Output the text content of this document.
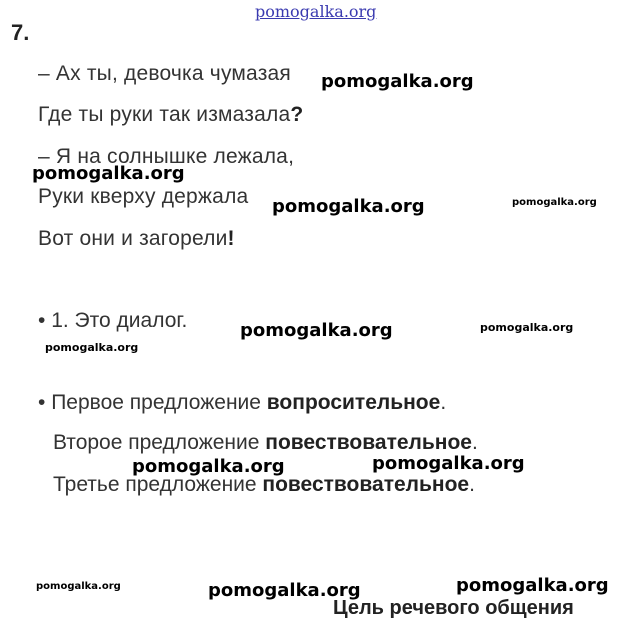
pomogalka.org
7.
– Ах ты, девочка чумазая
Где ты руки так измазала?
– Я на солнышке лежала,
Руки кверху держала
Вот они и загорели!
• 1. Это диалог.
• Первое предложение вопросительное.
Второе предложение повествовательное.
Третье предложение повествовательное.
pomogalka.org
pomogalka.org
pomogalka.org	pomogalka.org
pomogalka.org	pomogalka.org
pomogalka.org
pomogalka.org
pomogalka.org
pomogalka.org	pomogalka.org	pomogalka.org
Цель речевого общения
